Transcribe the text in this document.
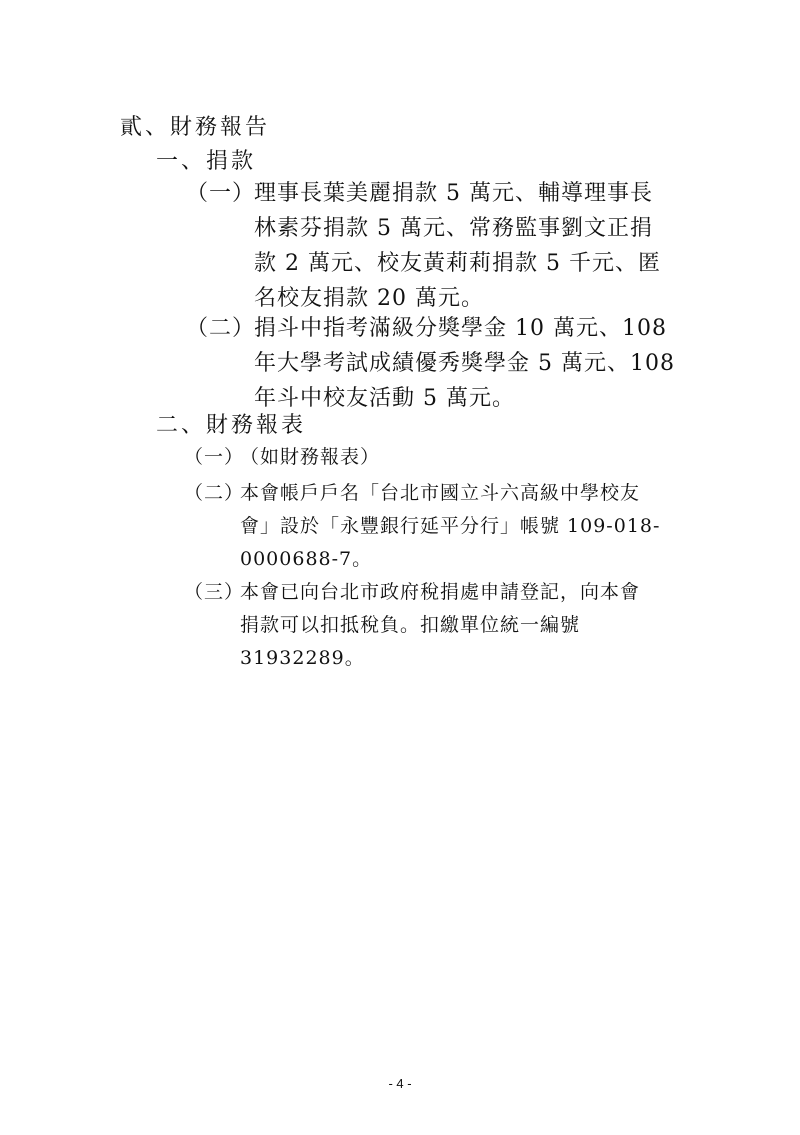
貳、財務報告
一、捐款
（一）
理事長葉美麗捐款 5 萬元、輔導理事長
林素芬捐款 5 萬元、常務監事劉文正捐
款 2 萬元、校友黃莉莉捐款 5 千元、匿
名校友捐款 20 萬元。
（二）
捐斗中指考滿級分獎學金 10 萬元、108
年大學考試成績優秀獎學金 5 萬元、108
年斗中校友活動 5 萬元。
二、財務報表
（一）
（如財務報表）
（二）
本會帳戶戶名「台北市國立斗六高級中學校友
會」設於「永豐銀行延平分行」帳號 109-018-
0000688-7。
（三）
本會已向台北市政府稅捐處申請登記，向本會
捐款可以扣抵稅負。扣繳單位統一編號
31932289。
- 4 -
